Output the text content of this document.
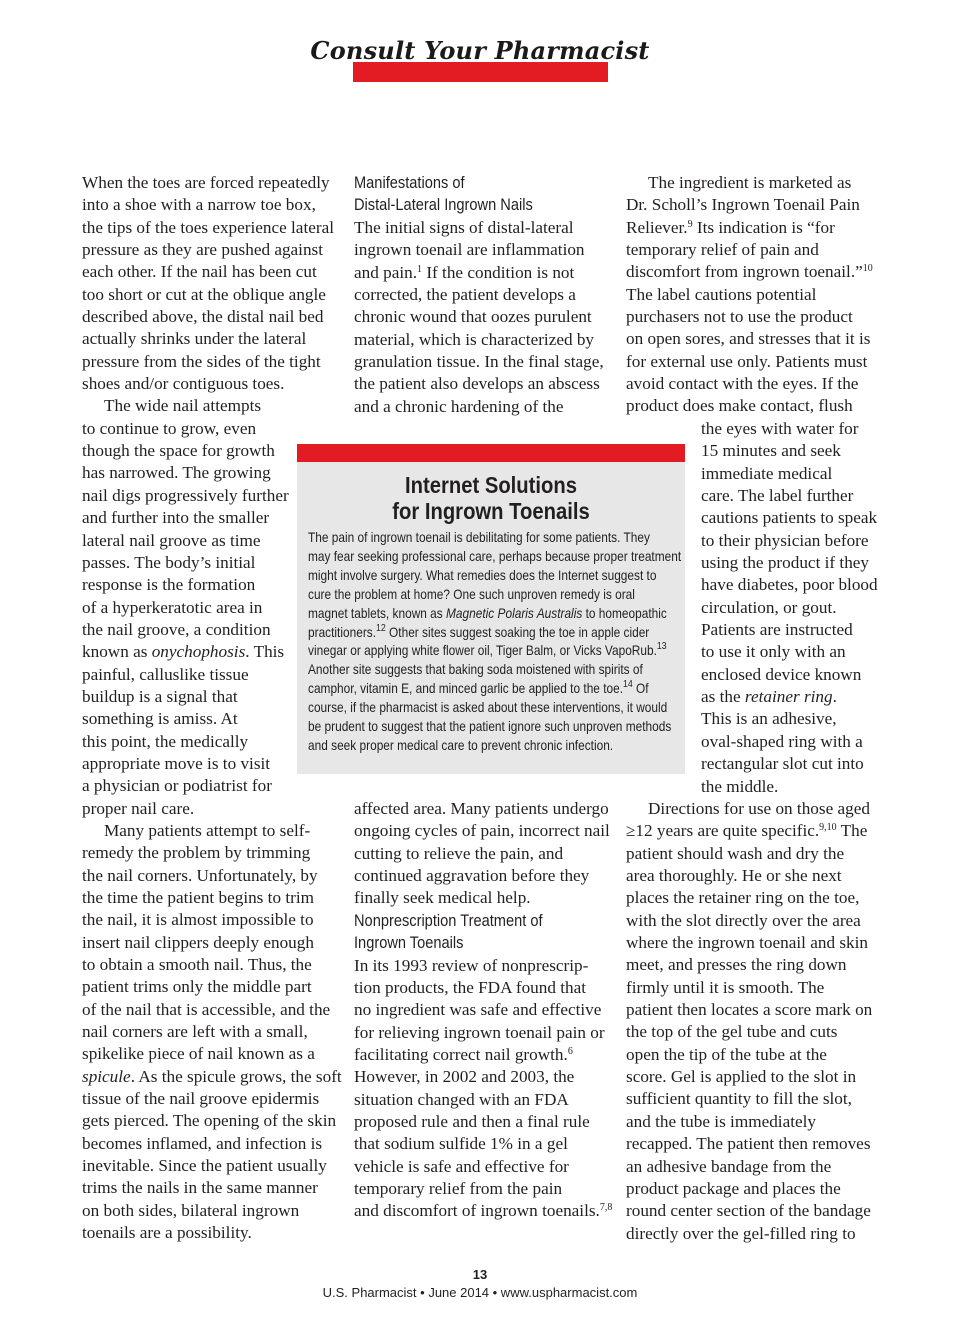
Consult Your Pharmacist

When the toes are forced repeatedly
into a shoe with a narrow toe box,
the tips of the toes experience lateral
pressure as they are pushed against
each other. If the nail has been cut
too short or cut at the oblique angle
described above, the distal nail bed
actually shrinks under the lateral
pressure from the sides of the tight
shoes and/or contiguous toes.

The wide nail attempts
to continue to grow, even
though the space for growth
has narrowed. The growing
nail digs progressively further
and further into the smaller
lateral nail groove as time
passes. The body’s initial
response is the formation
of a hyperkeratotic area in
the nail groove, a condition
known as onychophosis. This
painful, calluslike tissue
buildup is a signal that
something is amiss. At
this point, the medically
appropriate move is to visit
a physician or podiatrist for
proper nail care.

Many patients attempt to self-
remedy the problem by trimming
the nail corners. Unfortunately, by
the time the patient begins to trim
the nail, it is almost impossible to
insert nail clippers deeply enough
to obtain a smooth nail. Thus, the
patient trims only the middle part
of the nail that is accessible, and the
nail corners are left with a small,
spikelike piece of nail known as a
spicule. As the spicule grows, the soft
tissue of the nail groove epidermis
gets pierced. The opening of the skin
becomes inflamed, and infection is
inevitable. Since the patient usually
trims the nails in the same manner
on both sides, bilateral ingrown
toenails are a possibility.

Manifestations of
Distal-Lateral Ingrown Nails

The initial signs of distal-lateral
ingrown toenail are inflammation
and pain.$^1$ If the condition is not
corrected, the patient develops a
chronic wound that oozes purulent
material, which is characterized by
granulation tissue. In the final stage,
the patient also develops an abscess
and a chronic hardening of the

Internet Solutions
for Ingrown Toenails

The pain of ingrown toenail is debilitating for some patients. They
may fear seeking professional care, perhaps because proper treatment
might involve surgery. What remedies does the Internet suggest to
cure the problem at home? One such unproven remedy is oral
magnet tablets, known as Magnetic Polaris Australis to homeopathic
practitioners.$^{12}$ Other sites suggest soaking the toe in apple cider
vinegar or applying white flower oil, Tiger Balm, or Vicks VapoRub.$^{13}$
Another site suggests that baking soda moistened with spirits of
camphor, vitamin E, and minced garlic be applied to the toe.$^{14}$ Of
course, if the pharmacist is asked about these interventions, it would
be prudent to suggest that the patient ignore such unproven methods
and seek proper medical care to prevent chronic infection.

affected area. Many patients undergo
ongoing cycles of pain, incorrect nail
cutting to relieve the pain, and
continued aggravation before they
finally seek medical help.

Nonprescription Treatment of
Ingrown Toenails

In its 1993 review of nonprescrip-
tion products, the FDA found that
no ingredient was safe and effective
for relieving ingrown toenail pain or
facilitating correct nail growth.$^6$
However, in 2002 and 2003, the
situation changed with an FDA
proposed rule and then a final rule
that sodium sulfide 1% in a gel
vehicle is safe and effective for
temporary relief from the pain
and discomfort of ingrown toenails.$^{7,8}$

The ingredient is marketed as
Dr. Scholl’s Ingrown Toenail Pain
Reliever.$^9$ Its indication is “for
temporary relief of pain and
discomfort from ingrown toenail.”$^{10}$
The label cautions potential
purchasers not to use the product
on open sores, and stresses that it is
for external use only. Patients must
avoid contact with the eyes. If the
product does make contact, flush

the eyes with water for
15 minutes and seek
immediate medical
care. The label further
cautions patients to speak
to their physician before
using the product if they
have diabetes, poor blood
circulation, or gout.
Patients are instructed
to use it only with an
enclosed device known
as the retainer ring.
This is an adhesive,
oval-shaped ring with a
rectangular slot cut into
the middle.

Directions for use on those aged
≥12 years are quite specific.$^{9,10}$ The
patient should wash and dry the
area thoroughly. He or she next
places the retainer ring on the toe,
with the slot directly over the area
where the ingrown toenail and skin
meet, and presses the ring down
firmly until it is smooth. The
patient then locates a score mark on
the top of the gel tube and cuts
open the tip of the tube at the
score. Gel is applied to the slot in
sufficient quantity to fill the slot,
and the tube is immediately
recapped. The patient then removes
an adhesive bandage from the
product package and places the
round center section of the bandage
directly over the gel-filled ring to

13

U.S. Pharmacist • June 2014 • www.uspharmacist.com
